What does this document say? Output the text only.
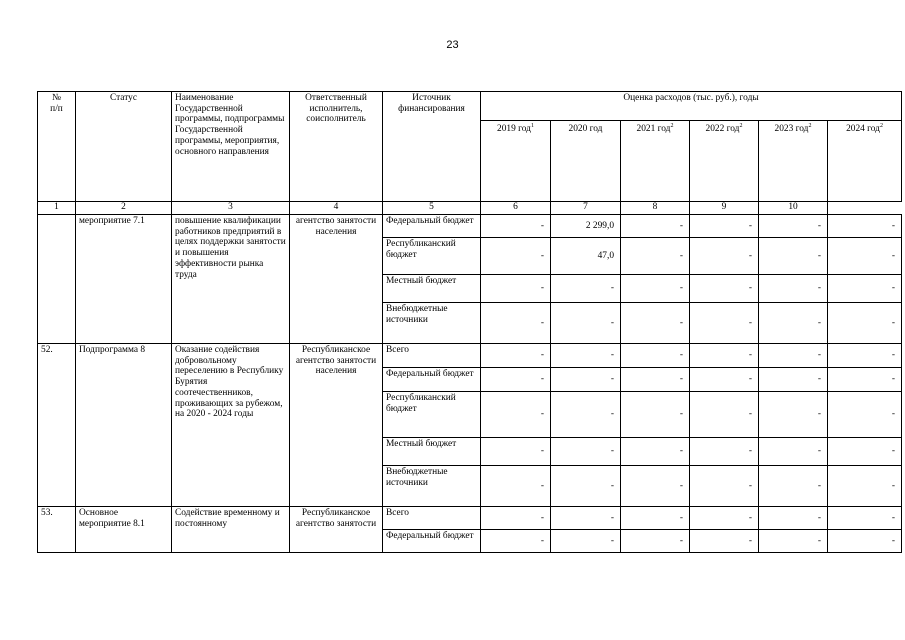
23
№
п/п	Статус	Наименование Государственной программы, подпрограммы Государственной программы, мероприятия, основного направления	Ответственный исполнитель, соисполнитель	Источник финансирования	Оценка расходов (тыс. руб.), годы					
					2019 год$^1$	2020 год	2021 год$^2$	2022 год$^2$	2023 год$^2$	2024 год$^2$
1	2	3	4	5	6	7	8	9	10	
	мероприятие 7.1	повышение квалификации работников предприятий в целях поддержки занятости и повышения эффективности рынка труда	агентство занятости населения	Федеральный бюджет	-	2 299,0	-	-	-	-
				Республиканский бюджет	-	47,0	-	-	-	-
				Местный бюджет	-	-	-	-	-	-
				Внебюджетные источники	-	-	-	-	-	-
52.	Подпрограмма 8	Оказание содействия добровольному переселению в Республику Бурятия соотечественников, проживающих за рубежом, на 2020 - 2024 годы	Республиканское агентство занятости населения	Всего	-	-	-	-	-	-
				Федеральный бюджет	-	-	-	-	-	-
				Республиканский бюджет	-	-	-	-	-	-
				Местный бюджет	-	-	-	-	-	-
				Внебюджетные источники	-	-	-	-	-	-
53.	Основное мероприятие 8.1	Содействие временному и постоянному	Республиканское агентство занятости	Всего	-	-	-	-	-	-
				Федеральный бюджет	-	-	-	-	-	-
